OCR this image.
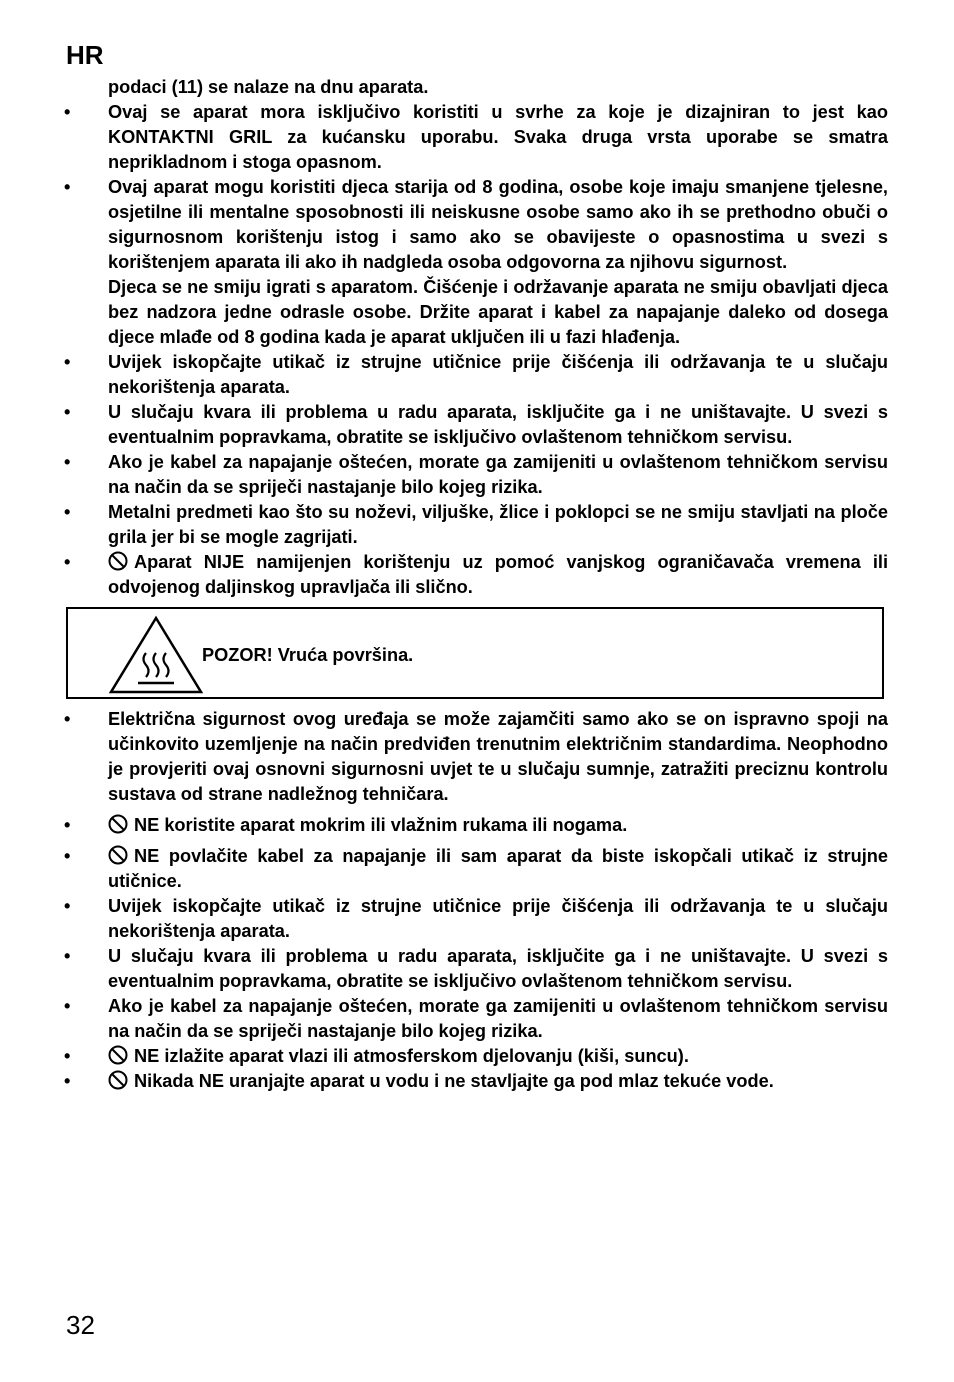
HR

podaci (11) se nalaze na dnu aparata.

• Ovaj se aparat mora isključivo koristiti u svrhe za koje je dizajniran to jest kao KONTAKTNI GRIL za kućansku uporabu. Svaka druga vrsta uporabe se smatra neprikladnom i stoga opasnom.

• Ovaj aparat mogu koristiti djeca starija od 8 godina, osobe koje imaju smanjene tjelesne, osjetilne ili mentalne sposobnosti ili neiskusne osobe samo ako ih se prethodno obuči o sigurnosnom korištenju istog i samo ako se obavijeste o opasnostima u svezi s korištenjem aparata ili ako ih nadgleda osoba odgovorna za njihovu sigurnost.
Djeca se ne smiju igrati s aparatom. Čišćenje i održavanje aparata ne smiju obavljati djeca bez nadzora jedne odrasle osobe. Držite aparat i kabel za napajanje daleko od dosega djece mlađe od 8 godina kada je aparat uključen ili u fazi hlađenja.

• Uvijek iskopčajte utikač iz strujne utičnice prije čišćenja ili održavanja te u slučaju nekorištenja aparata.

• U slučaju kvara ili problema u radu aparata, isključite ga i ne uništavajte. U svezi s eventualnim popravkama, obratite se isključivo ovlaštenom tehničkom servisu.

• Ako je kabel za napajanje oštećen, morate ga zamijeniti u ovlaštenom tehničkom servisu na način da se spriječi nastajanje bilo kojeg rizika.

• Metalni predmeti kao što su noževi, viljuške, žlice i poklopci se ne smiju stavljati na ploče grila jer bi se mogle zagrijati.

• Aparat NIJE namijenjen korištenju uz pomoć vanjskog ograničavača vremena ili odvojenog daljinskog upravljača ili slično.

POZOR! Vruća površina.

• Električna sigurnost ovog uređaja se može zajamčiti samo ako se on ispravno spoji na učinkovito uzemljenje na način predviđen trenutnim električnim standardima. Neophodno je provjeriti ovaj osnovni sigurnosni uvjet te u slučaju sumnje, zatražiti preciznu kontrolu sustava od strane nadležnog tehničara.

• NE koristite aparat mokrim ili vlažnim rukama ili nogama.

• NE povlačite kabel za napajanje ili sam aparat da biste iskopčali utikač iz strujne utičnice.

• Uvijek iskopčajte utikač iz strujne utičnice prije čišćenja ili održavanja te u slučaju nekorištenja aparata.

• U slučaju kvara ili problema u radu aparata, isključite ga i ne uništavajte. U svezi s eventualnim popravkama, obratite se isključivo ovlaštenom tehničkom servisu.

• Ako je kabel za napajanje oštećen, morate ga zamijeniti u ovlaštenom tehničkom servisu na način da se spriječi nastajanje bilo kojeg rizika.

• NE izlažite aparat vlazi ili atmosferskom djelovanju (kiši, suncu).

• Nikada NE uranjajte aparat u vodu i ne stavljajte ga pod mlaz tekuće vode.

32
